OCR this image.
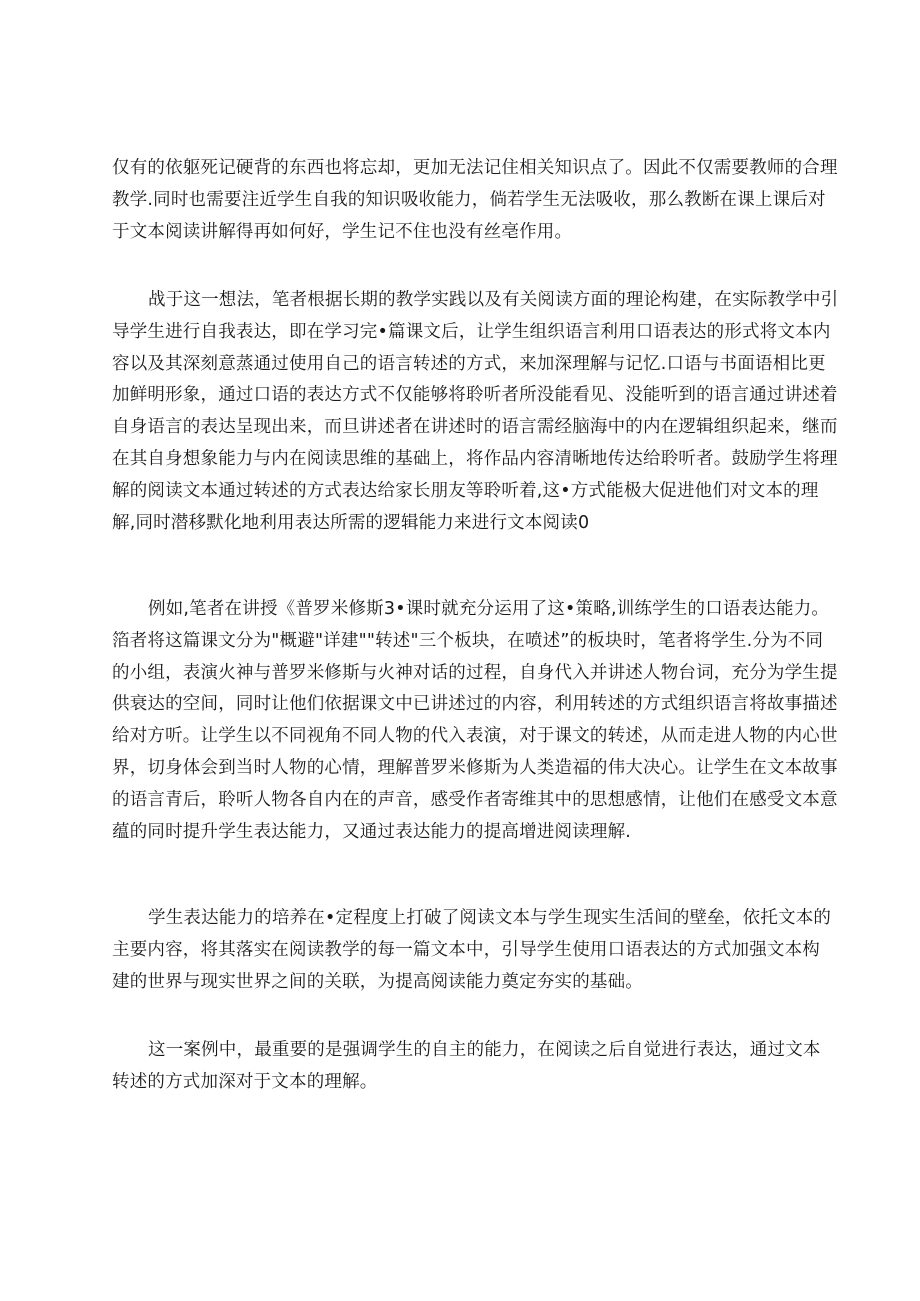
仅有的依躯死记硬背的东西也将忘却，更加无法记住相关知识点了。因此不仅需要教师的合理
教学.同时也需要注近学生自我的知识吸收能力，倘若学生无法吸收，那么教断在课上课后对
于文本阅读讲解得再如何好，学生记不住也没有丝亳作用。

战于这一想法，笔者根据长期的教学实践以及有关阅读方面的理论构建，在实际教学中引
导学生进行自我表达，即在学习完•篇课文后，让学生组织语言利用口语表达的形式将文本内
容以及其深刻意蒸通过使用自己的语言转述的方式，来加深理解与记忆.口语与书面语相比更
加鲜明形象，通过口语的表达方式不仅能够将聆听者所没能看见、没能听到的语言通过讲述着
自身语言的表达呈现出来，而旦讲述者在讲述时的语言需经脑海中的内在逻辑组织起来，继而
在其自身想象能力与内在阅读思维的基础上，将作品内容清晰地传达给聆听者。鼓励学生将理
解的阅读文本通过转述的方式表达给家长朋友等聆听着,这•方式能极大促进他们对文本的理
解,同时潜移默化地利用表达所需的逻辑能力来进行文本阅读0

例如,笔者在讲授《普罗米修斯3•课时就充分运用了这•策略,训练学生的口语表达能力。
箔者将这篇课文分为"概避"详建""转述"三个板块，在喷述”的板块时，笔者将学生.分为不同
的小组，表演火神与普罗米修斯与火神对话的过程，自身代入并讲述人物台词，充分为学生提
供衰达的空间，同时让他们依据课文中已讲述过的内容，利用转述的方式组织语言将故事描述
给对方听。让学生以不同视角不同人物的代入表演，对于课文的转述，从而走进人物的内心世
界，切身体会到当时人物的心情，理解普罗米修斯为人类造福的伟大决心。让学生在文本故事
的语言青后，聆听人物各自内在的声音，感受作者寄维其中的思想感情，让他们在感受文本意
蕴的同时提升学生表达能力，又通过表达能力的提高增进阅读理解.

学生表达能力的培养在•定程度上打破了阅读文本与学生现实生活间的壁垒，依托文本的
主要内容，将其落实在阅读教学的每一篇文本中，引导学生使用口语表达的方式加强文本构
建的世界与现实世界之间的关联，为提高阅读能力奠定夯实的基础。

这一案例中，最重要的是强调学生的自主的能力，在阅读之后自觉进行表达，通过文本
转述的方式加深对于文本的理解。
